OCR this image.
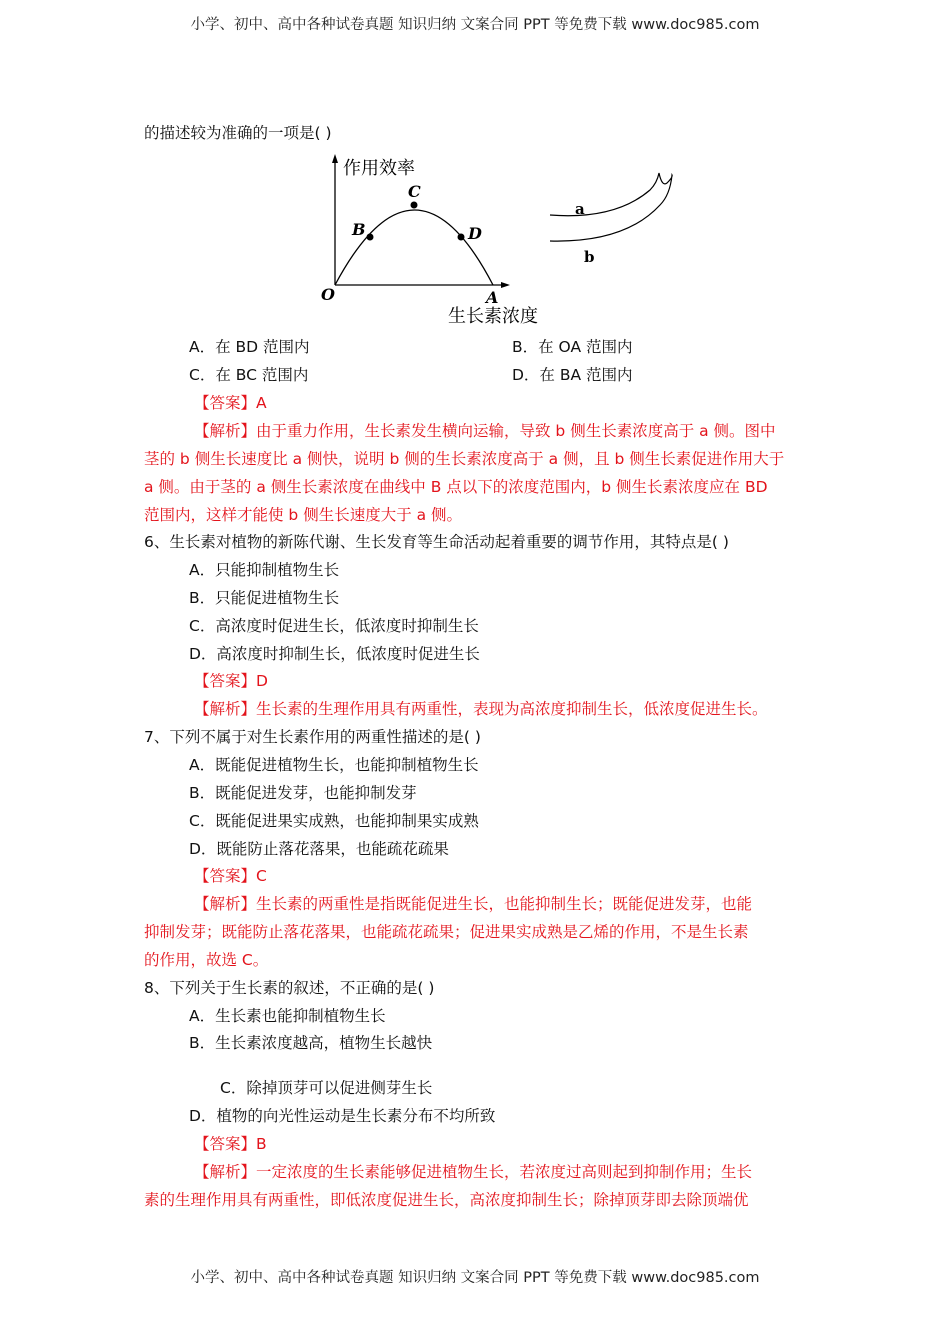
小学、初中、高中各种试卷真题 知识归纳 文案合同 PPT 等免费下载 www.doc985.com
的描述较为准确的一项是( )
作用效率
生长素浓度
O
B
C
D
A
a
b
A．在 BD 范围内	B．在 OA 范围内
C．在 BC 范围内	D．在 BA 范围内
【答案】A
【解析】由于重力作用，生长素发生横向运输，导致 b 侧生长素浓度高于 a 侧。图中
茎的 b 侧生长速度比 a 侧快，说明 b 侧的生长素浓度高于 a 侧，且 b 侧生长素促进作用大于
a 侧。由于茎的 a 侧生长素浓度在曲线中 B 点以下的浓度范围内，b 侧生长素浓度应在 BD
范围内，这样才能使 b 侧生长速度大于 a 侧。
6、生长素对植物的新陈代谢、生长发育等生命活动起着重要的调节作用，其特点是( )
A．只能抑制植物生长
B．只能促进植物生长
C．高浓度时促进生长，低浓度时抑制生长
D．高浓度时抑制生长，低浓度时促进生长
【答案】D
【解析】生长素的生理作用具有两重性，表现为高浓度抑制生长，低浓度促进生长。
7、下列不属于对生长素作用的两重性描述的是( )
A．既能促进植物生长，也能抑制植物生长
B．既能促进发芽，也能抑制发芽
C．既能促进果实成熟，也能抑制果实成熟
D．既能防止落花落果，也能疏花疏果
【答案】C
【解析】生长素的两重性是指既能促进生长，也能抑制生长；既能促进发芽，也能
抑制发芽；既能防止落花落果，也能疏花疏果；促进果实成熟是乙烯的作用，不是生长素
的作用，故选 C。
8、下列关于生长素的叙述，不正确的是( )
A．生长素也能抑制植物生长
B．生长素浓度越高，植物生长越快
C．除掉顶芽可以促进侧芽生长
D．植物的向光性运动是生长素分布不均所致
【答案】B
【解析】一定浓度的生长素能够促进植物生长，若浓度过高则起到抑制作用；生长
素的生理作用具有两重性，即低浓度促进生长，高浓度抑制生长；除掉顶芽即去除顶端优
小学、初中、高中各种试卷真题 知识归纳 文案合同 PPT 等免费下载 www.doc985.com
